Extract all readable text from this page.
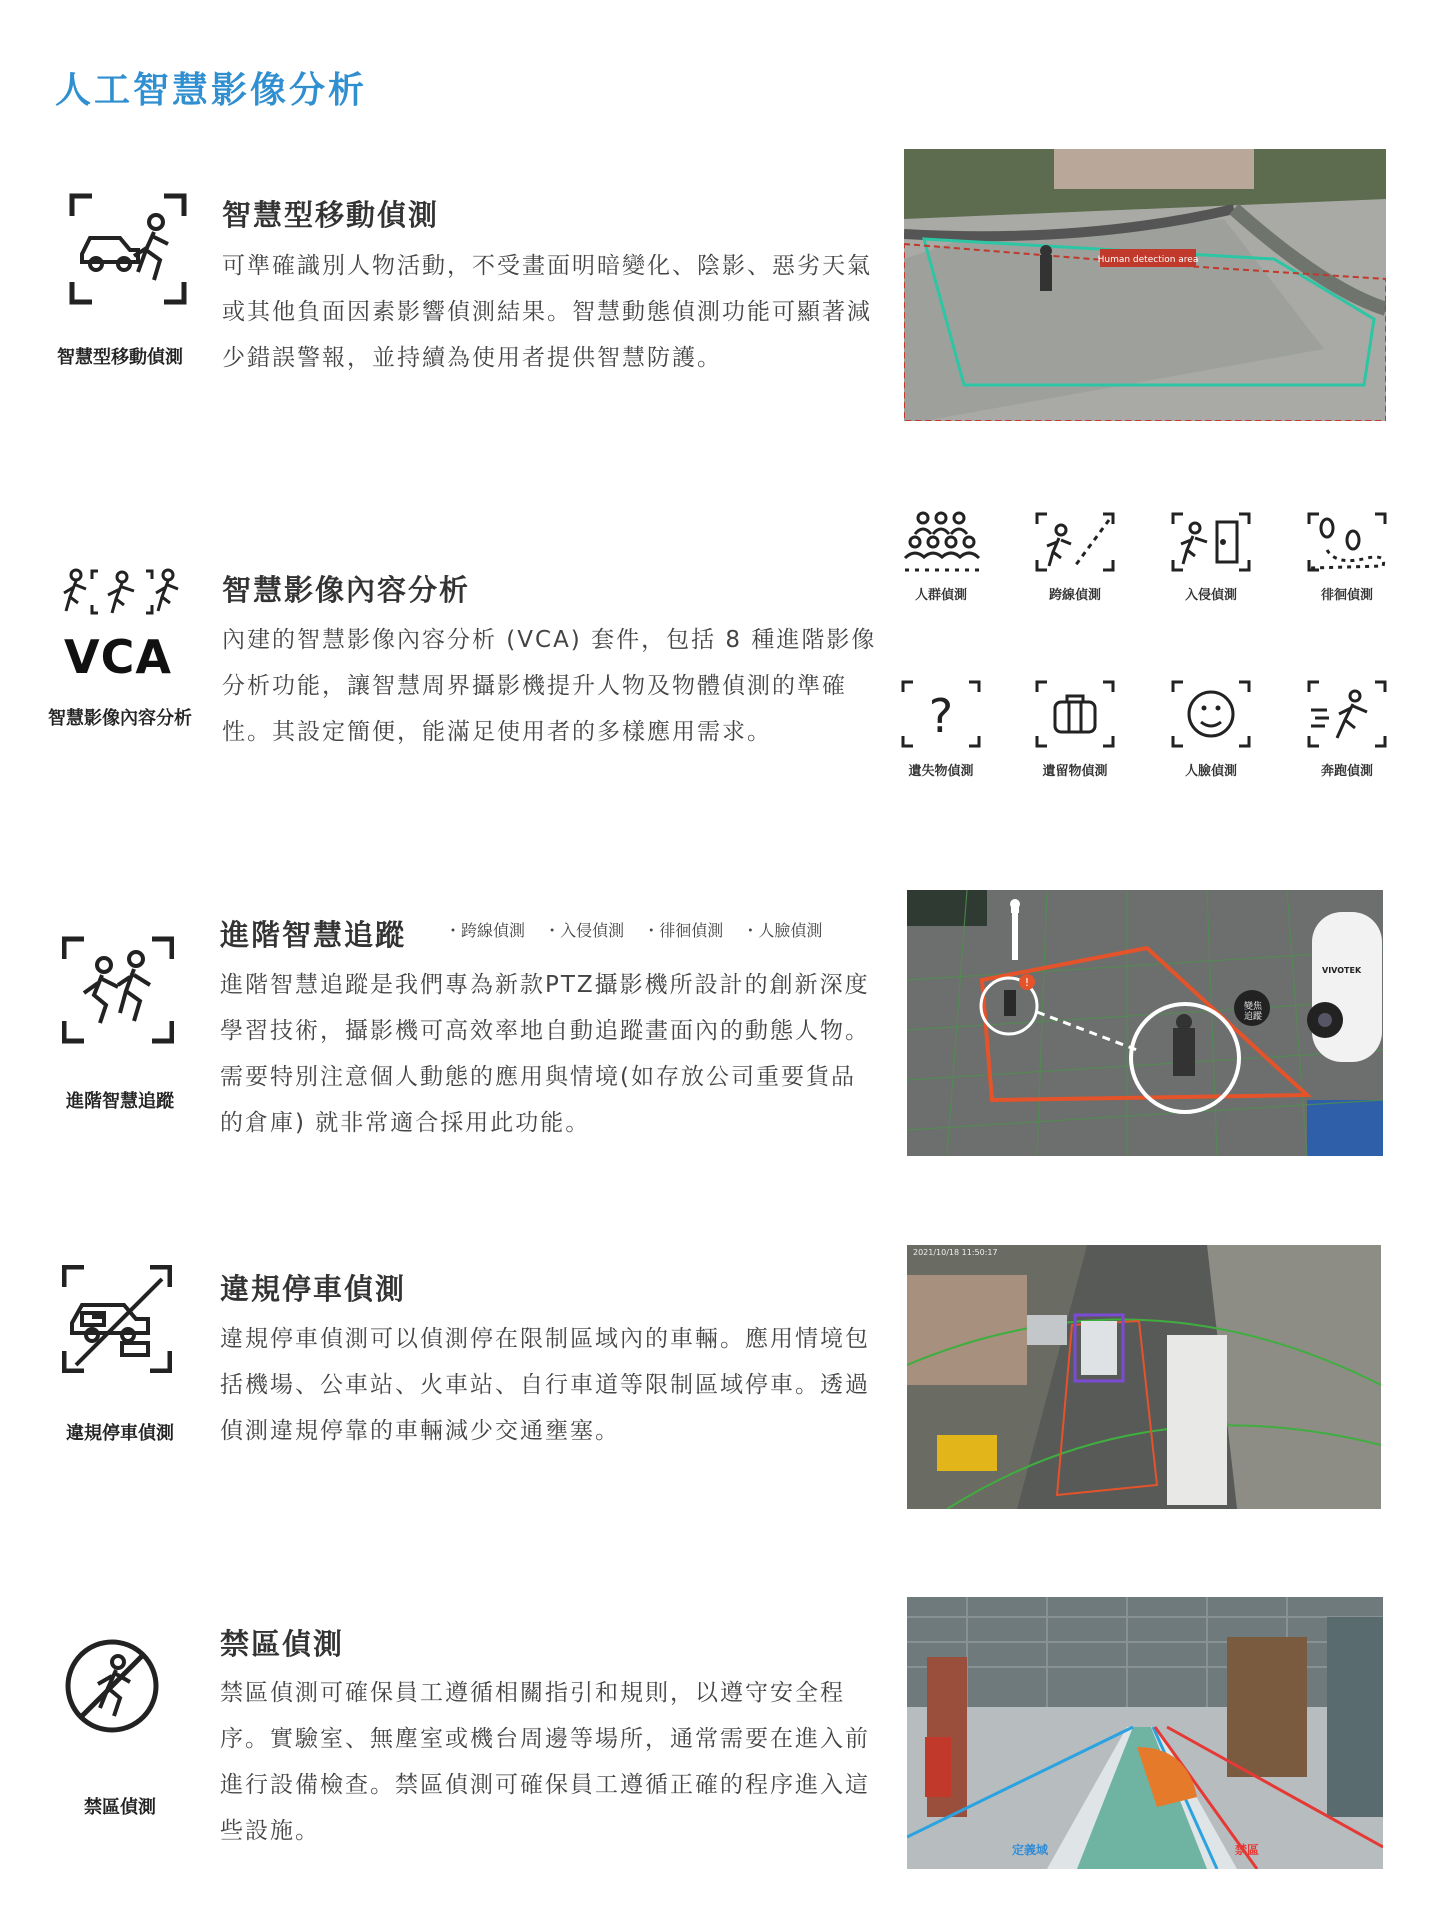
人工智慧影像分析
智慧型移動偵測
智慧型移動偵測
可準確識別人物活動，不受畫面明暗變化、陰影、惡劣天氣或其他負面因素影響偵測結果。智慧動態偵測功能可顯著減少錯誤警報，並持續為使用者提供智慧防護。
Human detection area
VCA
智慧影像內容分析
智慧影像內容分析
內建的智慧影像內容分析 (VCA) 套件，包括 8 種進階影像分析功能，讓智慧周界攝影機提升人物及物體偵測的準確性。其設定簡便，能滿足使用者的多樣應用需求。
人群偵測	跨線偵測	入侵偵測	徘徊偵測
?
遺失物偵測	遺留物偵測	人臉偵測	奔跑偵測
進階智慧追蹤
進階智慧追蹤	・ 跨線偵測 ・ 入侵偵測 ・ 徘徊偵測 ・ 人臉偵測
進階智慧追蹤是我們專為新款PTZ攝影機所設計的創新深度學習技術，攝影機可高效率地自動追蹤畫面內的動態人物。需要特別注意個人動態的應用與情境(如存放公司重要貨品的倉庫) 就非常適合採用此功能。
!
變焦
追蹤
VIVOTEK
違規停車偵測
違規停車偵測
違規停車偵測可以偵測停在限制區域內的車輛。應用情境包括機場、公車站、火車站、自行車道等限制區域停車。透過偵測違規停靠的車輛減少交通壅塞。
2021/10/18 11:50:17
禁區偵測
禁區偵測
禁區偵測可確保員工遵循相關指引和規則，以遵守安全程序。實驗室、無塵室或機台周邊等場所，通常需要在進入前進行設備檢查。禁區偵測可確保員工遵循正確的程序進入這些設施。
定義域	禁區
